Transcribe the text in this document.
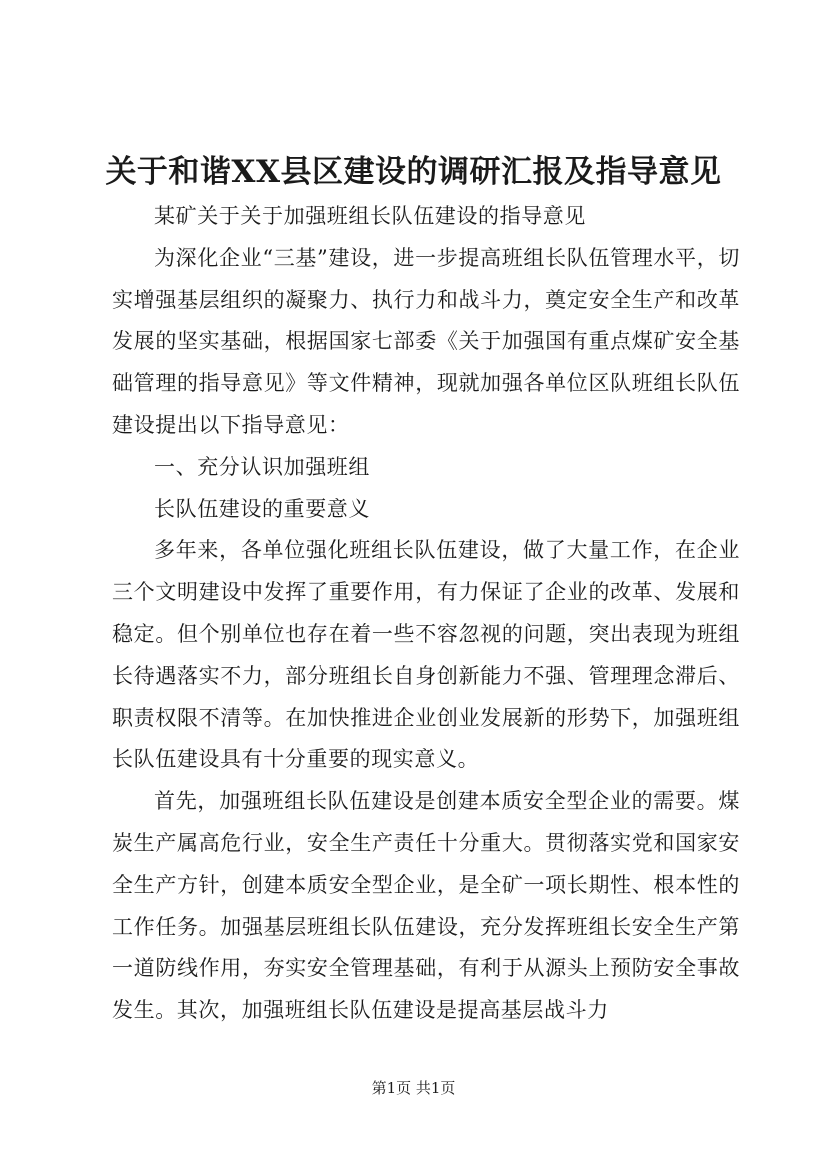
关于和谐XX县区建设的调研汇报及指导意见

某矿关于关于加强班组长队伍建设的指导意见

为深化企业“三基”建设，进一步提高班组长队伍管理水平，切实增强基层组织的凝聚力、执行力和战斗力，奠定安全生产和改革发展的坚实基础，根据国家七部委《关于加强国有重点煤矿安全基础管理的指导意见》等文件精神，现就加强各单位区队班组长队伍建设提出以下指导意见：

一、充分认识加强班组

长队伍建设的重要意义

多年来，各单位强化班组长队伍建设，做了大量工作，在企业三个文明建设中发挥了重要作用，有力保证了企业的改革、发展和稳定。但个别单位也存在着一些不容忽视的问题，突出表现为班组长待遇落实不力，部分班组长自身创新能力不强、管理理念滞后、职责权限不清等。在加快推进企业创业发展新的形势下，加强班组长队伍建设具有十分重要的现实意义。

首先，加强班组长队伍建设是创建本质安全型企业的需要。煤炭生产属高危行业，安全生产责任十分重大。贯彻落实党和国家安全生产方针，创建本质安全型企业，是全矿一项长期性、根本性的工作任务。加强基层班组长队伍建设，充分发挥班组长安全生产第一道防线作用，夯实安全管理基础，有利于从源头上预防安全事故发生。其次，加强班组长队伍建设是提高基层战斗力

第1页 共1页
